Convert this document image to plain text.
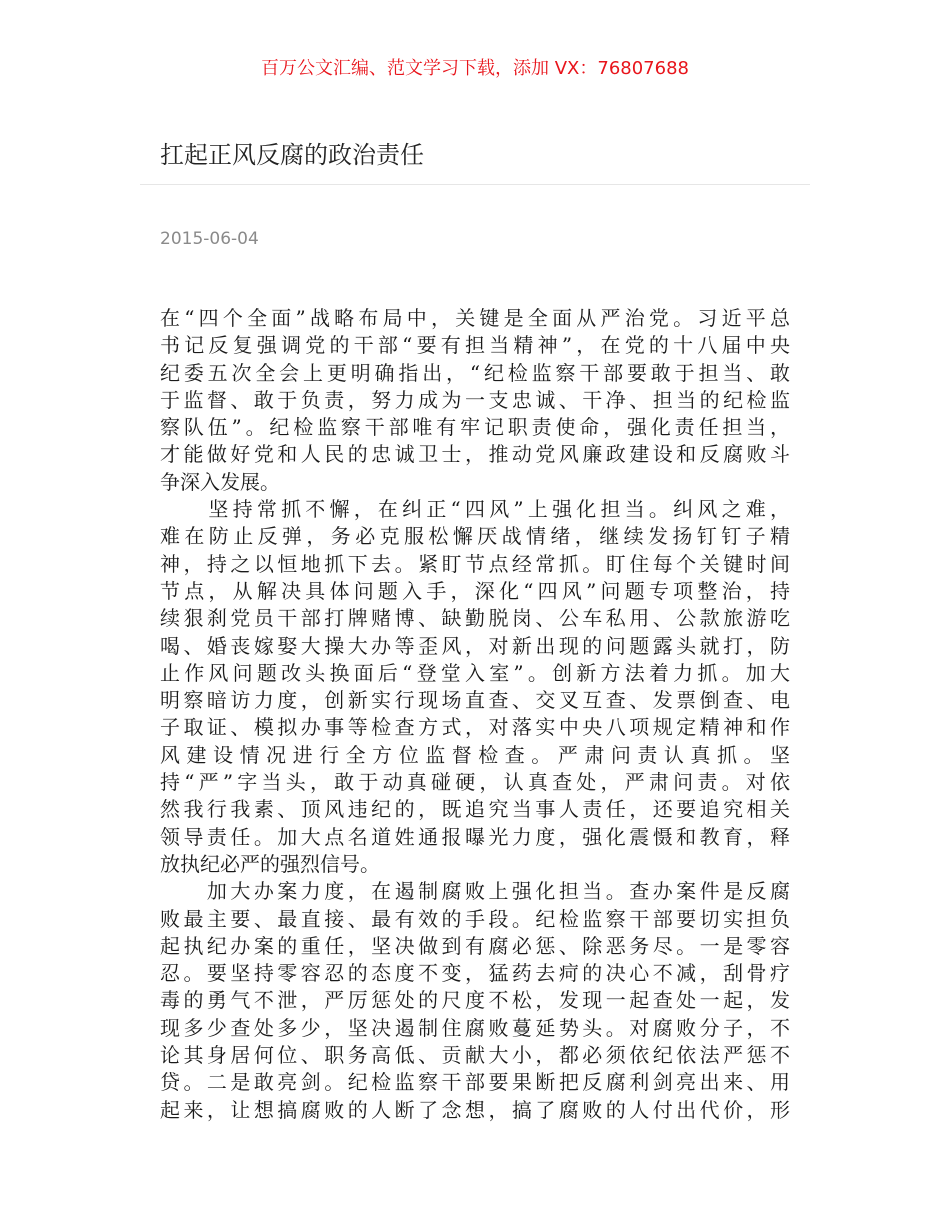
百万公文汇编、范文学习下载，添加 VX：76807688
扛起正风反腐的政治责任
2015-06-04
在“四个全面”战略布局中，关键是全面从严治党。习近平总
书记反复强调党的干部“要有担当精神”，在党的十八届中央
纪委五次全会上更明确指出，“纪检监察干部要敢于担当、敢
于监督、敢于负责，努力成为一支忠诚、干净、担当的纪检监
察队伍”。纪检监察干部唯有牢记职责使命，强化责任担当，
才能做好党和人民的忠诚卫士，推动党风廉政建设和反腐败斗
争深入发展。
　　坚持常抓不懈，在纠正“四风”上强化担当。纠风之难，
难在防止反弹，务必克服松懈厌战情绪，继续发扬钉钉子精
神，持之以恒地抓下去。紧盯节点经常抓。盯住每个关键时间
节点，从解决具体问题入手，深化“四风”问题专项整治，持
续狠刹党员干部打牌赌博、缺勤脱岗、公车私用、公款旅游吃
喝、婚丧嫁娶大操大办等歪风，对新出现的问题露头就打，防
止作风问题改头换面后“登堂入室”。创新方法着力抓。加大
明察暗访力度，创新实行现场直查、交叉互查、发票倒查、电
子取证、模拟办事等检查方式，对落实中央八项规定精神和作
风建设情况进行全方位监督检查。严肃问责认真抓。坚
持“严”字当头，敢于动真碰硬，认真查处，严肃问责。对依
然我行我素、顶风违纪的，既追究当事人责任，还要追究相关
领导责任。加大点名道姓通报曝光力度，强化震慑和教育，释
放执纪必严的强烈信号。
　　加大办案力度，在遏制腐败上强化担当。查办案件是反腐
败最主要、最直接、最有效的手段。纪检监察干部要切实担负
起执纪办案的重任，坚决做到有腐必惩、除恶务尽。一是零容
忍。要坚持零容忍的态度不变，猛药去疴的决心不减，刮骨疗
毒的勇气不泄，严厉惩处的尺度不松，发现一起查处一起，发
现多少查处多少，坚决遏制住腐败蔓延势头。对腐败分子，不
论其身居何位、职务高低、贡献大小，都必须依纪依法严惩不
贷。二是敢亮剑。纪检监察干部要果断把反腐利剑亮出来、用
起来，让想搞腐败的人断了念想，搞了腐败的人付出代价，形
